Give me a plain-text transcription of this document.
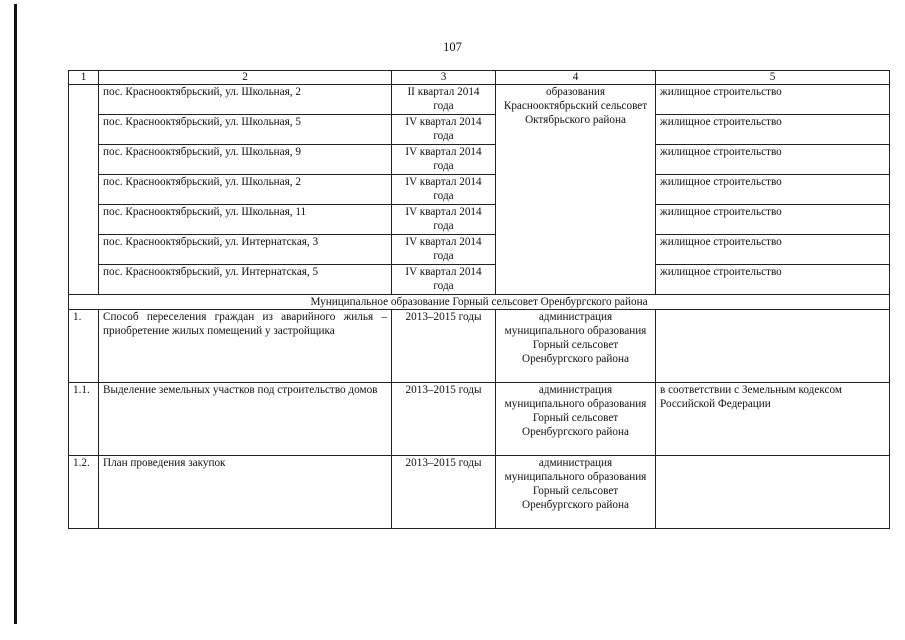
107
1	2	3	4	5
	пос. Краснооктябрьский, ул. Школьная, 2	II квартал 2014 года	образования Краснооктябрьский сельсовет Октябрьского района	жилищное строительство
	пос. Краснооктябрьский, ул. Школьная, 5	IV квартал 2014 года		жилищное строительство
	пос. Краснооктябрьский, ул. Школьная, 9	IV квартал 2014 года		жилищное строительство
	пос. Краснооктябрьский, ул. Школьная, 2	IV квартал 2014 года		жилищное строительство
	пос. Краснооктябрьский, ул. Школьная, 11	IV квартал 2014 года		жилищное строительство
	пос. Краснооктябрьский, ул. Интернатская, 3	IV квартал 2014 года		жилищное строительство
	пос. Краснооктябрьский, ул. Интернатская, 5	IV квартал 2014 года		жилищное строительство
Муниципальное образование Горный сельсовет Оренбургского района				
1.	Способ переселения граждан из аварийного жилья – приобретение жилых помещений у застройщика	2013–2015 годы	администрация муниципального образования Горный сельсовет Оренбургского района	
1.1.	Выделение земельных участков под строительство домов	2013–2015 годы	администрация муниципального образования Горный сельсовет Оренбургского района	в соответствии с Земельным кодексом Российской Федерации
1.2.	План проведения закупок	2013–2015 годы	администрация муниципального образования Горный сельсовет Оренбургского района	
